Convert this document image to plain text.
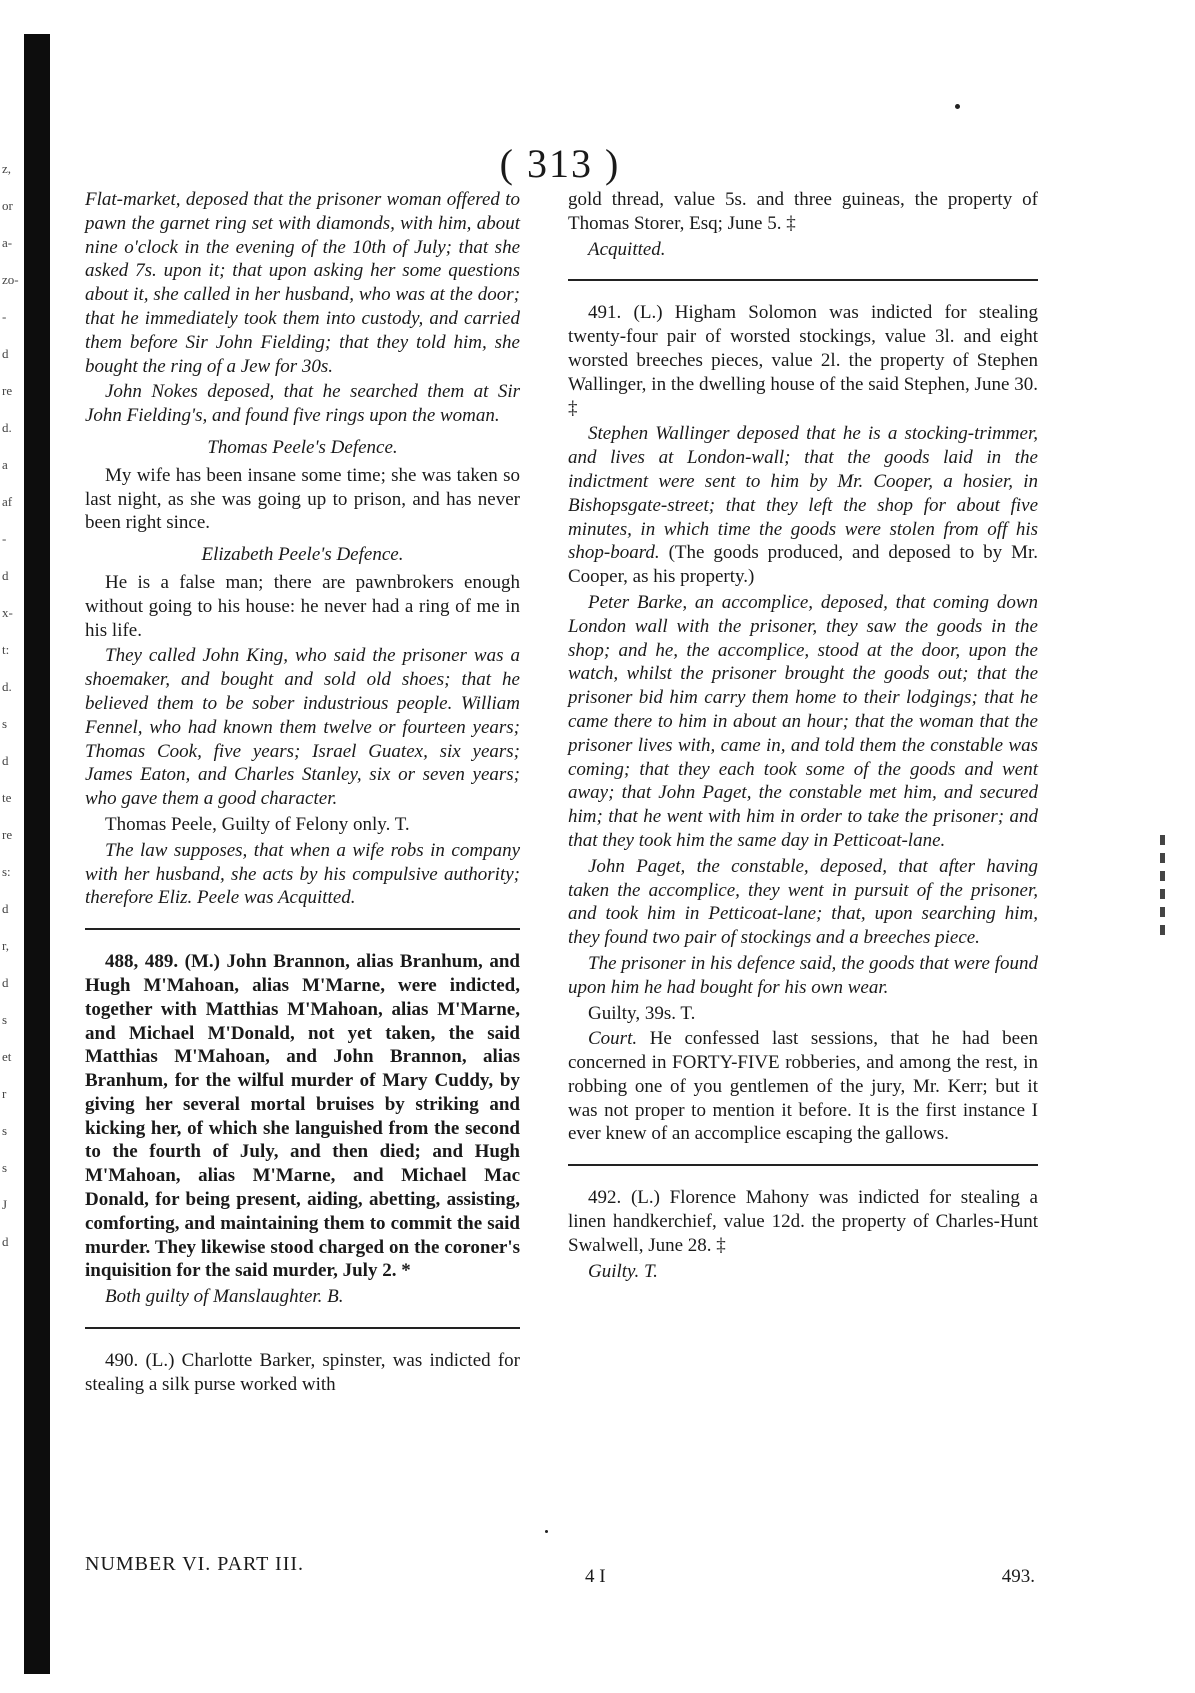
z,
or
a-
zo-
-
d
re
d.
a
af
-
d
x-
t:
d.
s
d
te
re
s:
d
r,
d
s
et
r
s
s
J
d
( 313 )

Flat-market, deposed that the prisoner woman offered to pawn the garnet ring set with diamonds, with him, about nine o'clock in the evening of the 10th of July; that she asked 7s. upon it; that upon asking her some questions about it, she called in her husband, who was at the door; that he immediately took them into custody, and carried them before Sir John Fielding; that they told him, she bought the ring of a Jew for 30s.

John Nokes deposed, that he searched them at Sir John Fielding's, and found five rings upon the woman.

Thomas Peele's Defence.

My wife has been insane some time; she was taken so last night, as she was going up to prison, and has never been right since.

Elizabeth Peele's Defence.

He is a false man; there are pawnbrokers enough without going to his house: he never had a ring of me in his life.

They called John King, who said the prisoner was a shoemaker, and bought and sold old shoes; that he believed them to be sober industrious people. William Fennel, who had known them twelve or fourteen years; Thomas Cook, five years; Israel Guatex, six years; James Eaton, and Charles Stanley, six or seven years; who gave them a good character.

Thomas Peele, Guilty of Felony only. T.

The law supposes, that when a wife robs in company with her husband, she acts by his compulsive authority; therefore Eliz. Peele was Acquitted.

488, 489. (M.) John Brannon, alias Branhum, and Hugh M'Mahoan, alias M'Marne, were indicted, together with Matthias M'Mahoan, alias M'Marne, and Michael M'Donald, not yet taken, the said Matthias M'Mahoan, and John Brannon, alias Branhum, for the wilful murder of Mary Cuddy, by giving her several mortal bruises by striking and kicking her, of which she languished from the second to the fourth of July, and then died; and Hugh M'Mahoan, alias M'Marne, and Michael Mac Donald, for being present, aiding, abetting, assisting, comforting, and maintaining them to commit the said murder. They likewise stood charged on the coroner's inquisition for the said murder, July 2. *

Both guilty of Manslaughter. B.

490. (L.) Charlotte Barker, spinster, was indicted for stealing a silk purse worked with

NUMBER VI. PART III.

gold thread, value 5s. and three guineas, the property of Thomas Storer, Esq; June 5. ‡

Acquitted.

491. (L.) Higham Solomon was indicted for stealing twenty-four pair of worsted stockings, value 3l. and eight worsted breeches pieces, value 2l. the property of Stephen Wallinger, in the dwelling house of the said Stephen, June 30. ‡

Stephen Wallinger deposed that he is a stocking-trimmer, and lives at London-wall; that the goods laid in the indictment were sent to him by Mr. Cooper, a hosier, in Bishopsgate-street; that they left the shop for about five minutes, in which time the goods were stolen from off his shop-board. (The goods produced, and deposed to by Mr. Cooper, as his property.)

Peter Barke, an accomplice, deposed, that coming down London wall with the prisoner, they saw the goods in the shop; and he, the accomplice, stood at the door, upon the watch, whilst the prisoner brought the goods out; that the prisoner bid him carry them home to their lodgings; that he came there to him in about an hour; that the woman that the prisoner lives with, came in, and told them the constable was coming; that they each took some of the goods and went away; that John Paget, the constable met him, and secured him; that he went with him in order to take the prisoner; and that they took him the same day in Petticoat-lane.

John Paget, the constable, deposed, that after having taken the accomplice, they went in pursuit of the prisoner, and took him in Petticoat-lane; that, upon searching him, they found two pair of stockings and a breeches piece.

The prisoner in his defence said, the goods that were found upon him he had bought for his own wear.

Guilty, 39s. T.

Court. He confessed last sessions, that he had been concerned in FORTY-FIVE robberies, and among the rest, in robbing one of you gentlemen of the jury, Mr. Kerr; but it was not proper to mention it before. It is the first instance I ever knew of an accomplice escaping the gallows.

492. (L.) Florence Mahony was indicted for stealing a linen handkerchief, value 12d. the property of Charles-Hunt Swalwell, June 28. ‡

Guilty. T.

4 I	493.
